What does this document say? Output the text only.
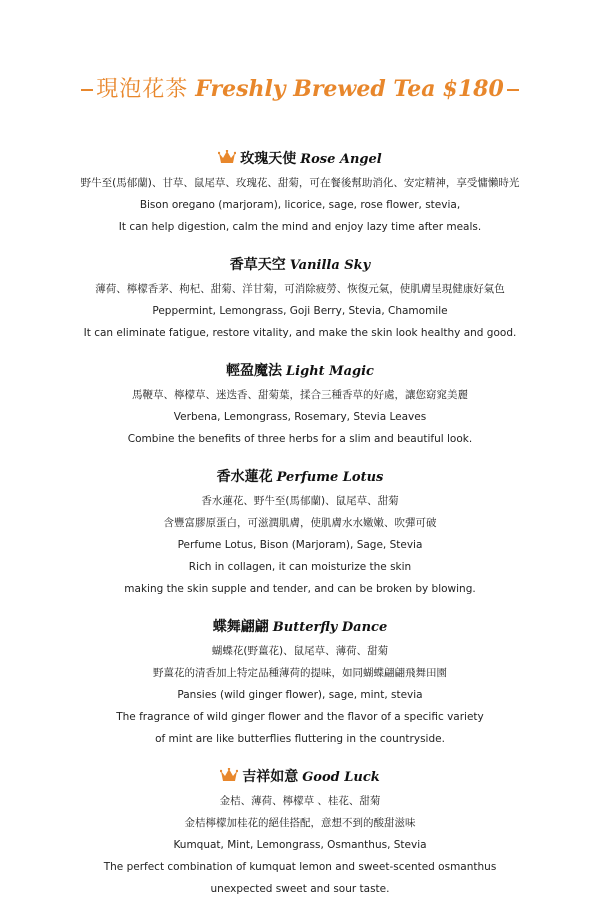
現泡花茶 Freshly Brewed Tea $180
玫瑰天使 Rose Angel
野牛至(馬郁蘭)、甘草、鼠尾草、玫瑰花、甜菊，可在餐後幫助消化、安定精神，享受慵懶時光
Bison oregano (marjoram), licorice, sage, rose flower, stevia,
It can help digestion, calm the mind and enjoy lazy time after meals.
香草天空 Vanilla Sky
薄荷、檸檬香茅、枸杞、甜菊、洋甘菊，可消除疲勞、恢復元氣，使肌膚呈現健康好氣色
Peppermint, Lemongrass, Goji Berry, Stevia, Chamomile
It can eliminate fatigue, restore vitality, and make the skin look healthy and good.
輕盈魔法 Light Magic
馬鞭草、檸檬草、迷迭香、甜菊葉，揉合三種香草的好處，讓您窈窕美麗
Verbena, Lemongrass, Rosemary, Stevia Leaves
Combine the benefits of three herbs for a slim and beautiful look.
香水蓮花 Perfume Lotus
香水蓮花、野牛至(馬郁蘭)、鼠尾草、甜菊
含豐富膠原蛋白，可滋潤肌膚，使肌膚水水嫩嫩、吹彈可破
Perfume Lotus, Bison (Marjoram), Sage, Stevia
Rich in collagen, it can moisturize the skin
making the skin supple and tender, and can be broken by blowing.
蝶舞翩翩 Butterfly Dance
蝴蝶花(野薑花)、鼠尾草、薄荷、甜菊
野薑花的清香加上特定品種薄荷的提味，如同蝴蝶翩翩飛舞田園
Pansies (wild ginger flower), sage, mint, stevia
The fragrance of wild ginger flower and the flavor of a specific variety
of mint are like butterflies fluttering in the countryside.
吉祥如意 Good Luck
金桔、薄荷、檸檬草 、桂花、甜菊
金桔檸檬加桂花的絕佳搭配，意想不到的酸甜滋味
Kumquat, Mint, Lemongrass, Osmanthus, Stevia
The perfect combination of kumquat lemon and sweet-scented osmanthus
unexpected sweet and sour taste.
